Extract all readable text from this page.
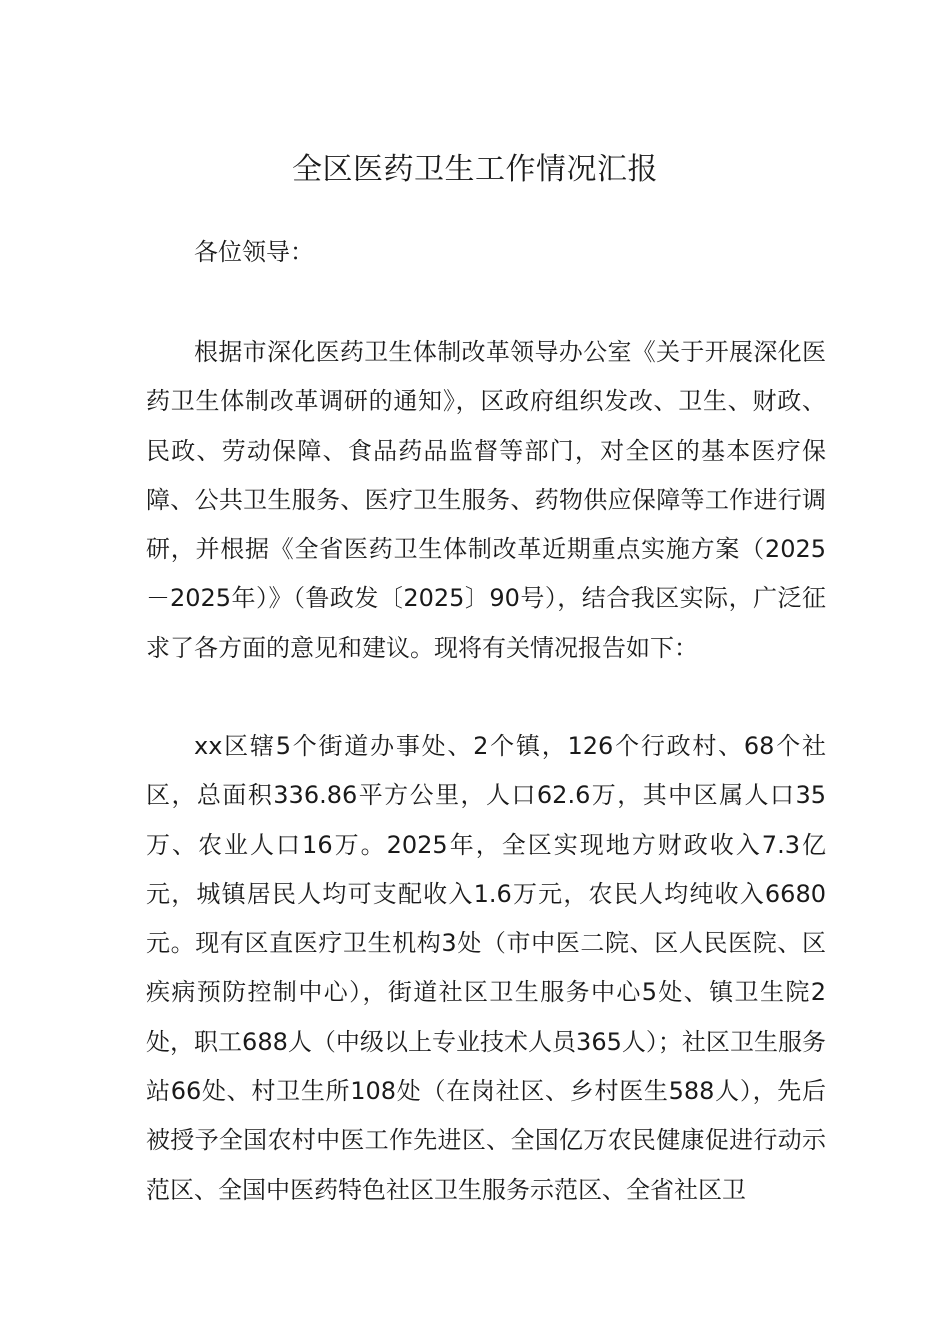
全区医药卫生工作情况汇报

各位领导：

根据市深化医药卫生体制改革领导办公室《关于开展深化医药卫生体制改革调研的通知》，区政府组织发改、卫生、财政、民政、劳动保障、食品药品监督等部门，对全区的基本医疗保障、公共卫生服务、医疗卫生服务、药物供应保障等工作进行调研，并根据《全省医药卫生体制改革近期重点实施方案（2025－2025年）》（鲁政发〔2025〕90号），结合我区实际，广泛征求了各方面的意见和建议。现将有关情况报告如下：

xx区辖5个街道办事处、2个镇，126个行政村、68个社区，总面积336.86平方公里，人口62.6万，其中区属人口35万、农业人口16万。2025年，全区实现地方财政收入7.3亿元，城镇居民人均可支配收入1.6万元，农民人均纯收入6680元。现有区直医疗卫生机构3处（市中医二院、区人民医院、区疾病预防控制中心），街道社区卫生服务中心5处、镇卫生院2处，职工688人（中级以上专业技术人员365人）；社区卫生服务站66处、村卫生所108处（在岗社区、乡村医生588人），先后被授予全国农村中医工作先进区、全国亿万农民健康促进行动示范区、全国中医药特色社区卫生服务示范区、全省社区卫
